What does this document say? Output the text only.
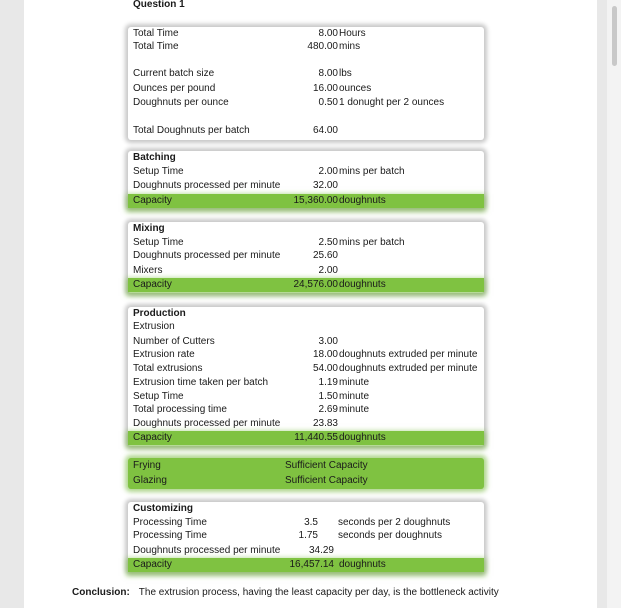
Question 1
Total Time	8.00 Hours
Total Time	480.00 mins
Current batch size	8.00 lbs
Ounces per pound	16.00 ounces
Doughnuts per ounce	0.50 1 donught per 2 ounces
Total Doughnuts per batch	64.00
Batching
Setup Time	2.00 mins per batch
Doughnuts processed per minute	32.00
Capacity	15,360.00 doughnuts
Mixing
Setup Time	2.50 mins per batch
Doughnuts processed per minute	25.60
Mixers	2.00
Capacity	24,576.00 doughnuts
Production
Extrusion
Number of Cutters	3.00
Extrusion rate	18.00 doughnuts extruded per minute
Total extrusions	54.00 doughnuts extruded per minute
Extrusion time taken per batch	1.19 minute
Setup Time	1.50 minute
Total processing time	2.69 minute
Doughnuts processed per minute	23.83
Capacity	11,440.55 doughnuts
Frying	Sufficient Capacity
Glazing	Sufficient Capacity
Customizing
Processing Time	3.5 seconds per 2 doughnuts
Processing Time	1.75 seconds per doughnuts
Doughnuts processed per minute	34.29
Capacity	16,457.14 doughnuts
Conclusion: The extrusion process, having the least capacity per day, is the bottleneck activity
